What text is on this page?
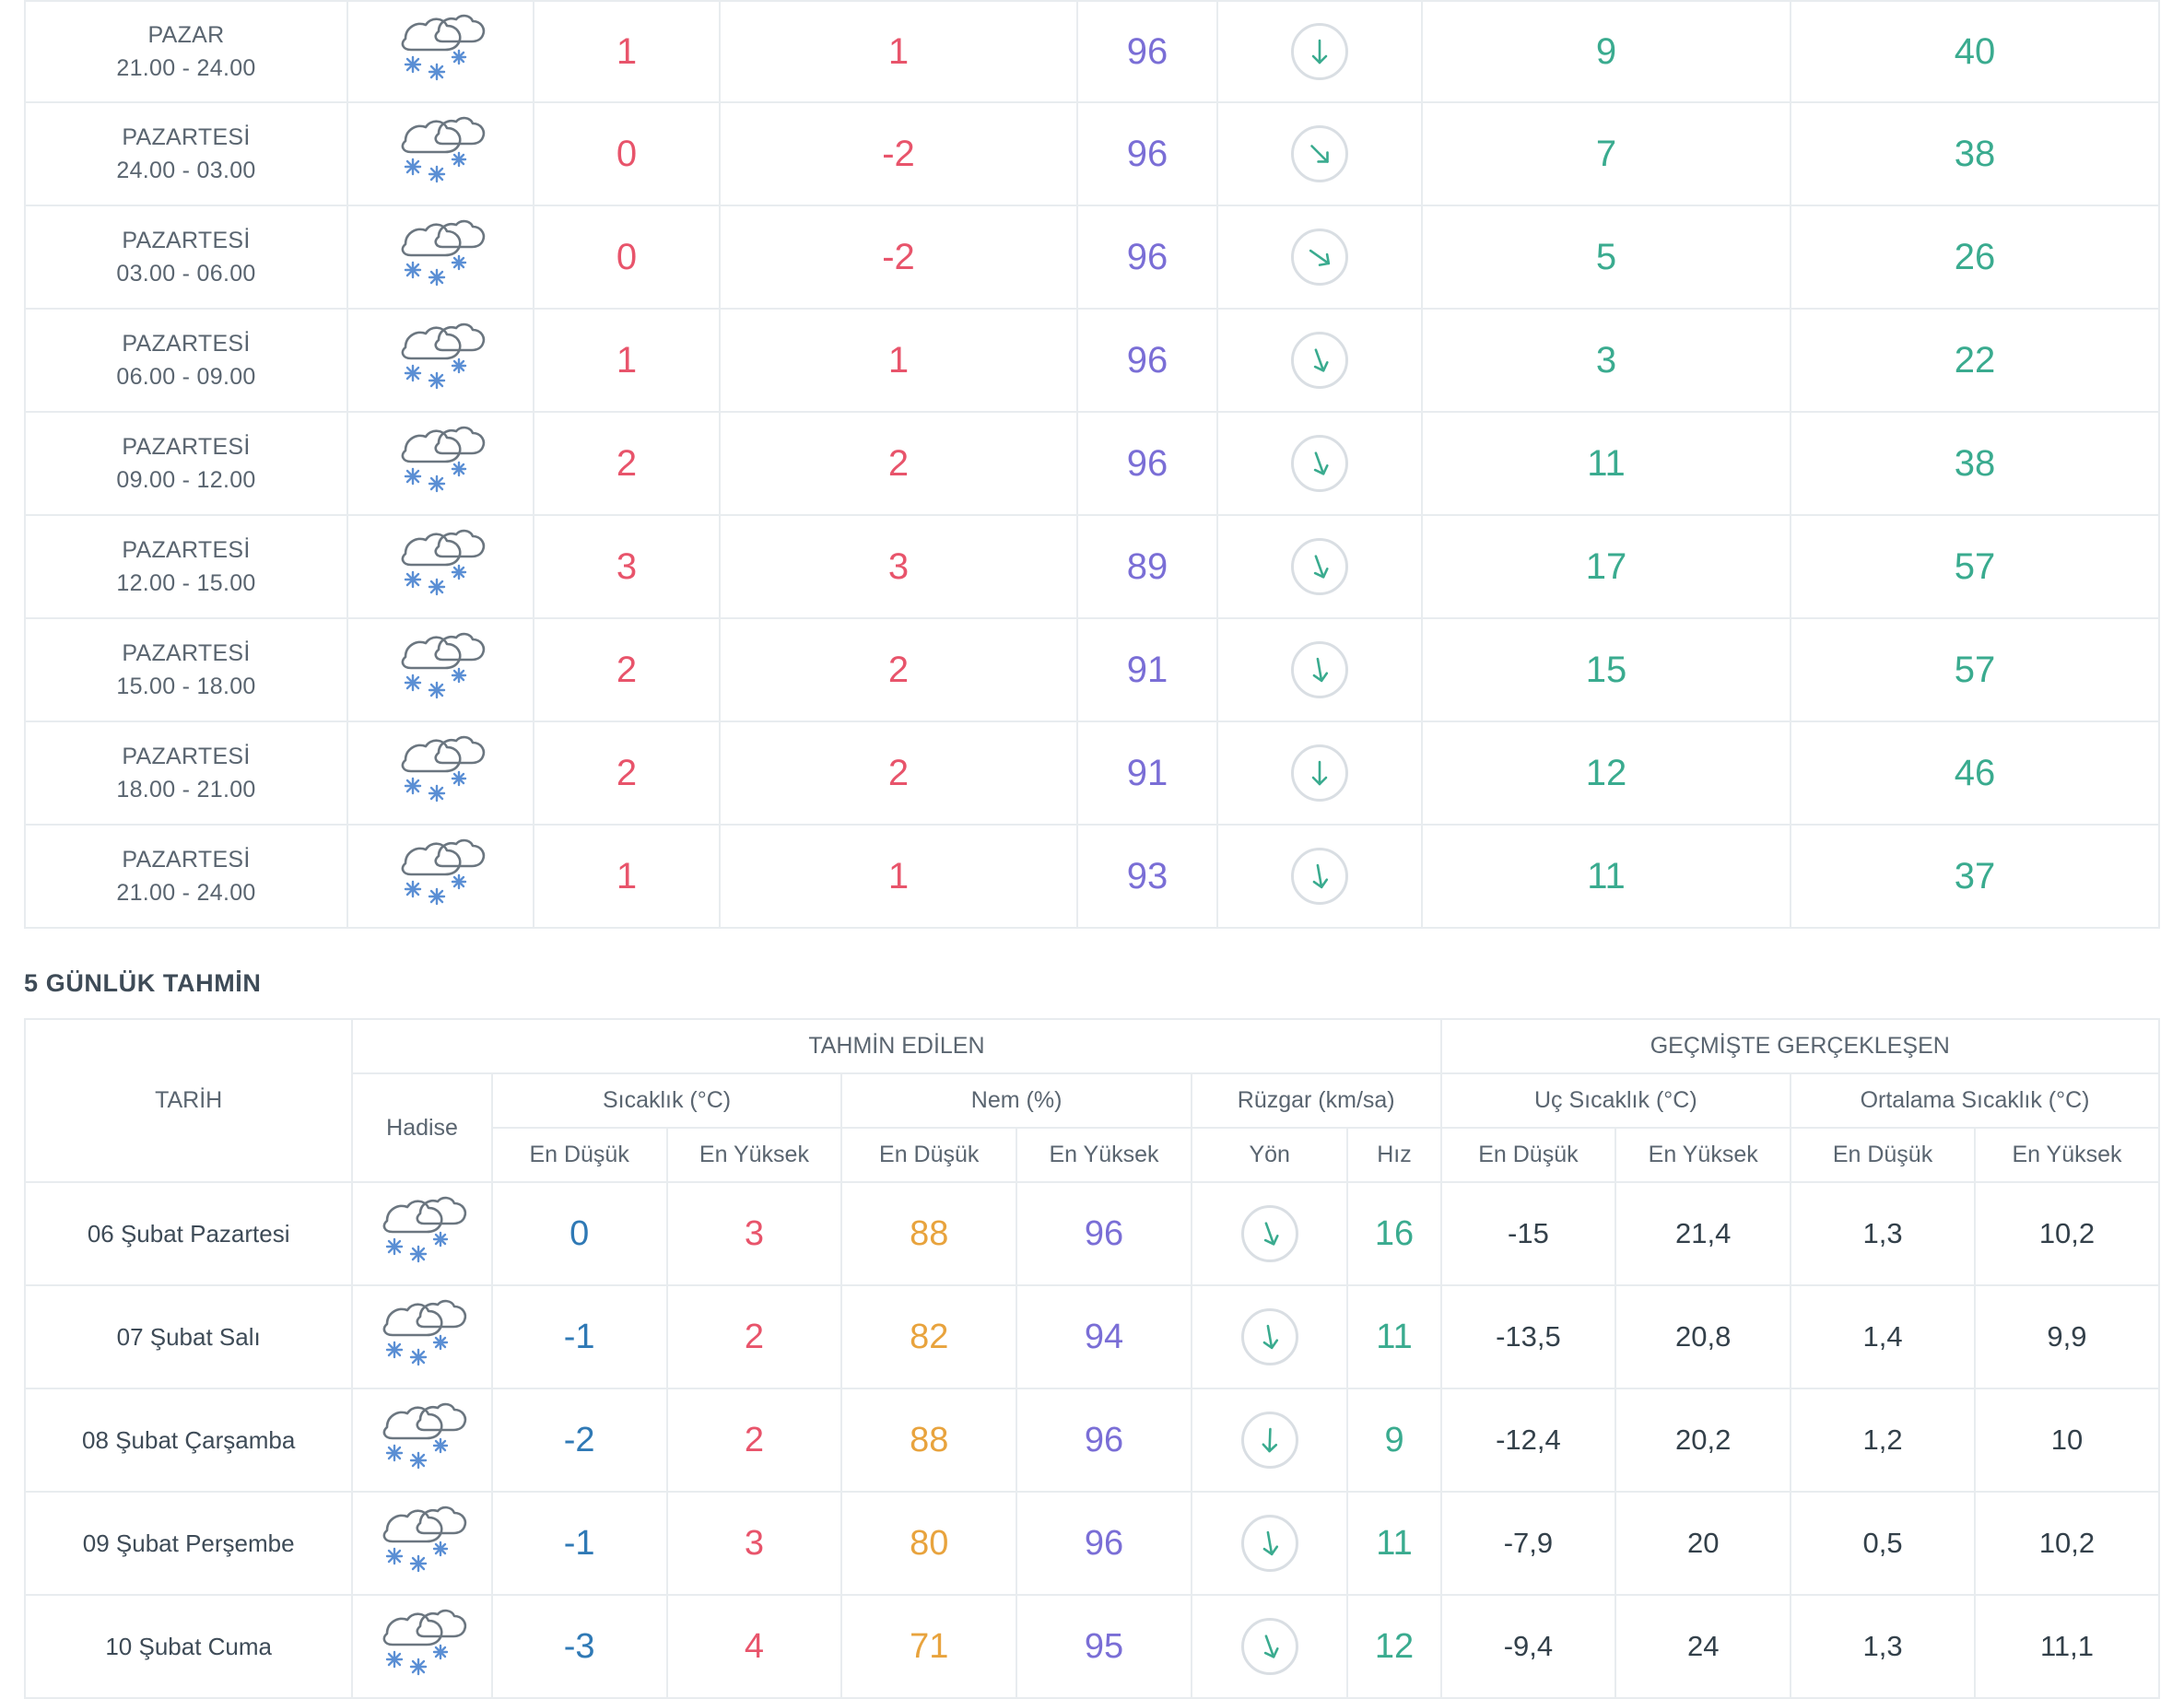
PAZAR
21.00 - 24.00		1	1	96		9	40

PAZARTESİ
24.00 - 03.00		0	-2	96		7	38

PAZARTESİ
03.00 - 06.00		0	-2	96		5	26

PAZARTESİ
06.00 - 09.00		1	1	96		3	22

PAZARTESİ
09.00 - 12.00		2	2	96		11	38

PAZARTESİ
12.00 - 15.00		3	3	89		17	57

PAZARTESİ
15.00 - 18.00		2	2	91		15	57

PAZARTESİ
18.00 - 21.00		2	2	91		12	46

PAZARTESİ
21.00 - 24.00		1	1	93		11	37
5 GÜNLÜK TAHMİN
TARİH	TAHMİN EDİLEN							GEÇMİŞTE GERÇEKLEŞEN			
	Hadise	Sıcaklık (°C)		Nem (%)		Rüzgar (km/sa)		Uç Sıcaklık (°C)		Ortalama Sıcaklık (°C)	
		En Düşük	En Yüksek	En Düşük	En Yüksek	Yön	Hız	En Düşük	En Yüksek	En Düşük	En Yüksek
06 Şubat Pazartesi		0	3	88	96		16	-15	21,4	1,3	10,2
07 Şubat Salı		-1	2	82	94		11	-13,5	20,8	1,4	9,9
08 Şubat Çarşamba		-2	2	88	96		9	-12,4	20,2	1,2	10
09 Şubat Perşembe		-1	3	80	96		11	-7,9	20	0,5	10,2
10 Şubat Cuma		-3	4	71	95		12	-9,4	24	1,3	11,1
